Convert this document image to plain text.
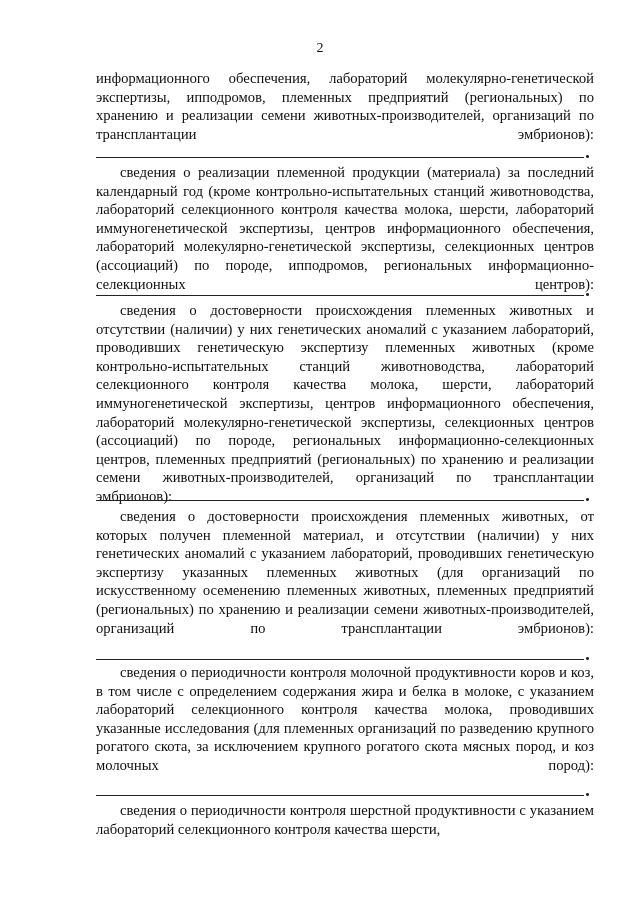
2
информационного обеспечения, лабораторий молекулярно-генетической экспертизы, ипподромов, племенных предприятий (региональных) по хранению и реализации семени животных-производителей, организаций по трансплантации эмбрионов):
сведения о реализации племенной продукции (материала) за последний календарный год (кроме контрольно-испытательных станций животноводства, лабораторий селекционного контроля качества молока, шерсти, лабораторий иммуногенетической экспертизы, центров информационного обеспечения, лабораторий молекулярно-генетической экспертизы, селекционных центров (ассоциаций) по породе, ипподромов, региональных информационно-селекционных центров):
сведения о достоверности происхождения племенных животных и отсутствии (наличии) у них генетических аномалий с указанием лабораторий, проводивших генетическую экспертизу племенных животных (кроме контрольно-испытательных станций животноводства, лабораторий селекционного контроля качества молока, шерсти, лабораторий иммуногенетической экспертизы, центров информационного обеспечения, лабораторий молекулярно-генетической экспертизы, селекционных центров (ассоциаций) по породе, региональных информационно-селекционных центров, племенных предприятий (региональных) по хранению и реализации семени животных-производителей, организаций по трансплантации эмбрионов):
сведения о достоверности происхождения племенных животных, от которых получен племенной материал, и отсутствии (наличии) у них генетических аномалий с указанием лабораторий, проводивших генетическую экспертизу указанных племенных животных (для организаций по искусственному осеменению племенных животных, племенных предприятий (региональных) по хранению и реализации семени животных-производителей, организаций по трансплантации эмбрионов):
сведения о периодичности контроля молочной продуктивности коров и коз, в том числе с определением содержания жира и белка в молоке, с указанием лабораторий селекционного контроля качества молока, проводивших указанные исследования (для племенных организаций по разведению крупного рогатого скота, за исключением крупного рогатого скота мясных пород, и коз молочных пород):
сведения о периодичности контроля шерстной продуктивности с указанием лабораторий селекционного контроля качества шерсти,
